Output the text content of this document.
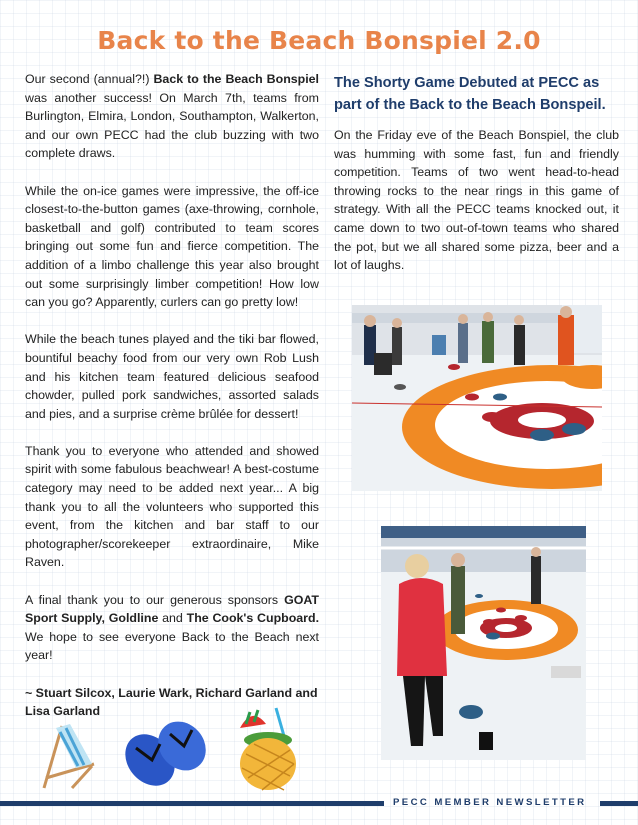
Back to the Beach Bonspiel 2.0

Our second (annual?!) Back to the Beach Bonspiel was another success! On March 7th, teams from Burlington, Elmira, London, Southampton, Walkerton, and our own PECC had the club buzzing with two complete draws.

While the on-ice games were impressive, the off-ice closest-to-the-button games (axe-throwing, cornhole, basketball and golf) contributed to team scores bringing out some fun and fierce competition. The addition of a limbo challenge this year also brought out some surprisingly limber competition! How low can you go? Apparently, curlers can go pretty low!

While the beach tunes played and the tiki bar flowed, bountiful beachy food from our very own Rob Lush and his kitchen team featured delicious seafood chowder, pulled pork sandwiches, assorted salads and pies, and a surprise crème brûlée for dessert!

Thank you to everyone who attended and showed spirit with some fabulous beachwear! A best-costume category may need to be added next year... A big thank you to all the volunteers who supported this event, from the kitchen and bar staff to our photographer/scorekeeper extraordinaire, Mike Raven.

A final thank you to our generous sponsors GOAT Sport Supply, Goldline and The Cook's Cupboard. We hope to see everyone Back to the Beach next year!

~ Stuart Silcox, Laurie Wark, Richard Garland and Lisa Garland

The Shorty Game Debuted at PECC as part of the Back to the Beach Bonspeil.

On the Friday eve of the Beach Bonspiel, the club was humming with some fast, fun and friendly competition. Teams of two went head-to-head throwing rocks to the near rings in this game of strategy. With all the PECC teams knocked out, it came down to two out-of-town teams who shared the pot, but we all shared some pizza, beer and a lot of laughs.

PECC MEMBER NEWSLETTER
